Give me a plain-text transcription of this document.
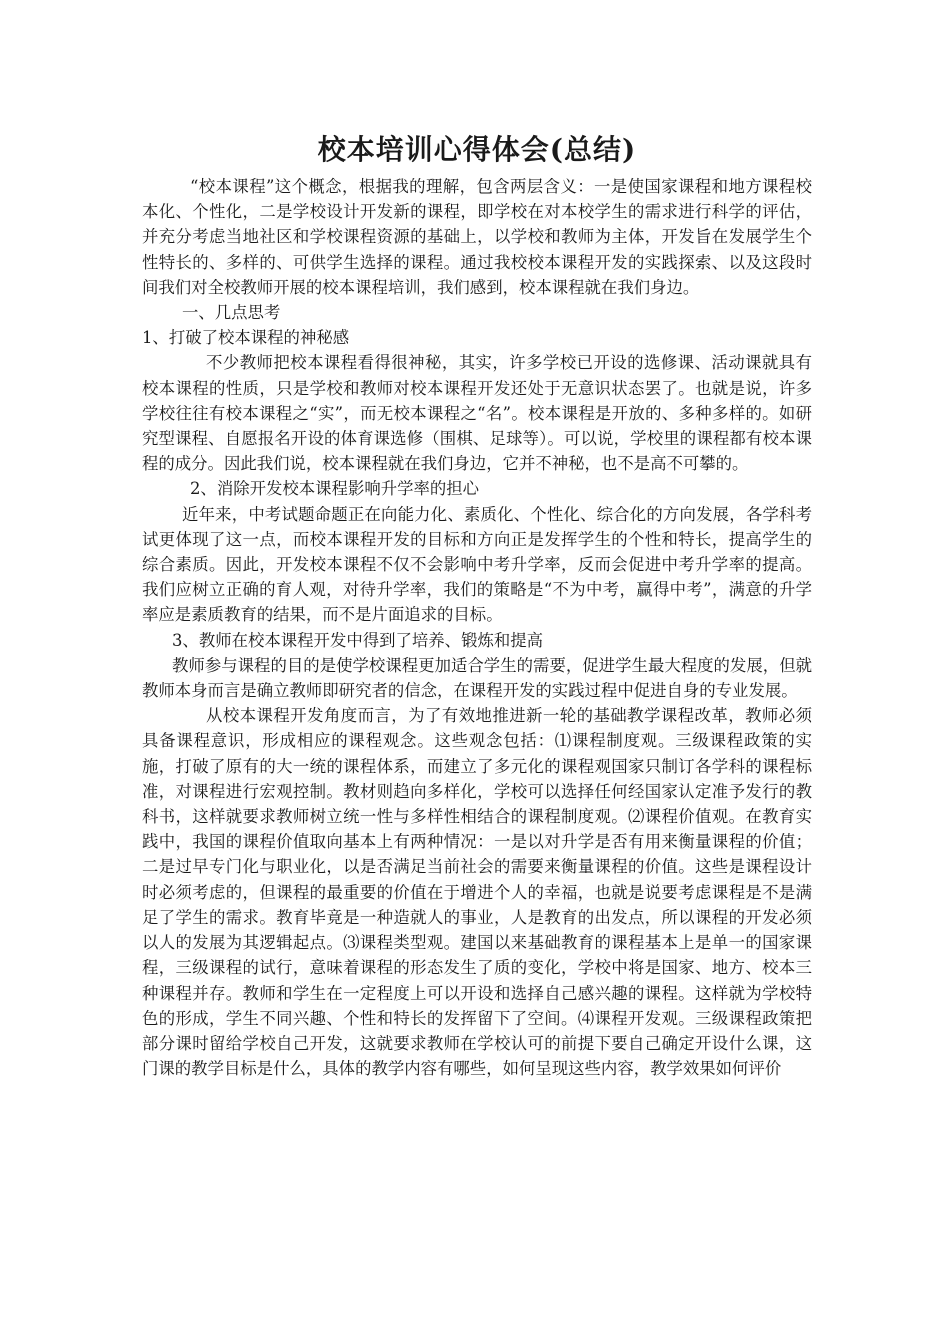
校本培训心得体会(总结)

“校本课程”这个概念，根据我的理解，包含两层含义：一是使国家课程和地方课程校本化、个性化，二是学校设计开发新的课程，即学校在对本校学生的需求进行科学的评估，并充分考虑当地社区和学校课程资源的基础上，以学校和教师为主体，开发旨在发展学生个性特长的、多样的、可供学生选择的课程。通过我校校本课程开发的实践探索、以及这段时间我们对全校教师开展的校本课程培训，我们感到，校本课程就在我们身边。

一、几点思考

1、打破了校本课程的神秘感

不少教师把校本课程看得很神秘，其实，许多学校已开设的选修课、活动课就具有校本课程的性质，只是学校和教师对校本课程开发还处于无意识状态罢了。也就是说，许多学校往往有校本课程之“实”，而无校本课程之“名”。校本课程是开放的、多种多样的。如研究型课程、自愿报名开设的体育课选修（围棋、足球等）。可以说，学校里的课程都有校本课程的成分。因此我们说，校本课程就在我们身边，它并不神秘，也不是高不可攀的。

2、消除开发校本课程影响升学率的担心

近年来，中考试题命题正在向能力化、素质化、个性化、综合化的方向发展，各学科考试更体现了这一点，而校本课程开发的目标和方向正是发挥学生的个性和特长，提高学生的综合素质。因此，开发校本课程不仅不会影响中考升学率，反而会促进中考升学率的提高。我们应树立正确的育人观，对待升学率，我们的策略是“不为中考，赢得中考”，满意的升学率应是素质教育的结果，而不是片面追求的目标。

3、教师在校本课程开发中得到了培养、锻炼和提高

教师参与课程的目的是使学校课程更加适合学生的需要，促进学生最大程度的发展，但就教师本身而言是确立教师即研究者的信念，在课程开发的实践过程中促进自身的专业发展。

从校本课程开发角度而言，为了有效地推进新一轮的基础教学课程改革，教师必须具备课程意识，形成相应的课程观念。这些观念包括：⑴课程制度观。三级课程政策的实施，打破了原有的大一统的课程体系，而建立了多元化的课程观国家只制订各学科的课程标准，对课程进行宏观控制。教材则趋向多样化，学校可以选择任何经国家认定准予发行的教科书，这样就要求教师树立统一性与多样性相结合的课程制度观。⑵课程价值观。在教育实践中，我国的课程价值取向基本上有两种情况：一是以对升学是否有用来衡量课程的价值；二是过早专门化与职业化，以是否满足当前社会的需要来衡量课程的价值。这些是课程设计时必须考虑的，但课程的最重要的价值在于增进个人的幸福，也就是说要考虑课程是不是满足了学生的需求。教育毕竟是一种造就人的事业，人是教育的出发点，所以课程的开发必须以人的发展为其逻辑起点。⑶课程类型观。建国以来基础教育的课程基本上是单一的国家课程，三级课程的试行，意味着课程的形态发生了质的变化，学校中将是国家、地方、校本三种课程并存。教师和学生在一定程度上可以开设和选择自己感兴趣的课程。这样就为学校特色的形成，学生不同兴趣、个性和特长的发挥留下了空间。⑷课程开发观。三级课程政策把部分课时留给学校自己开发，这就要求教师在学校认可的前提下要自己确定开设什么课，这门课的教学目标是什么，具体的教学内容有哪些，如何呈现这些内容，教学效果如何评价
